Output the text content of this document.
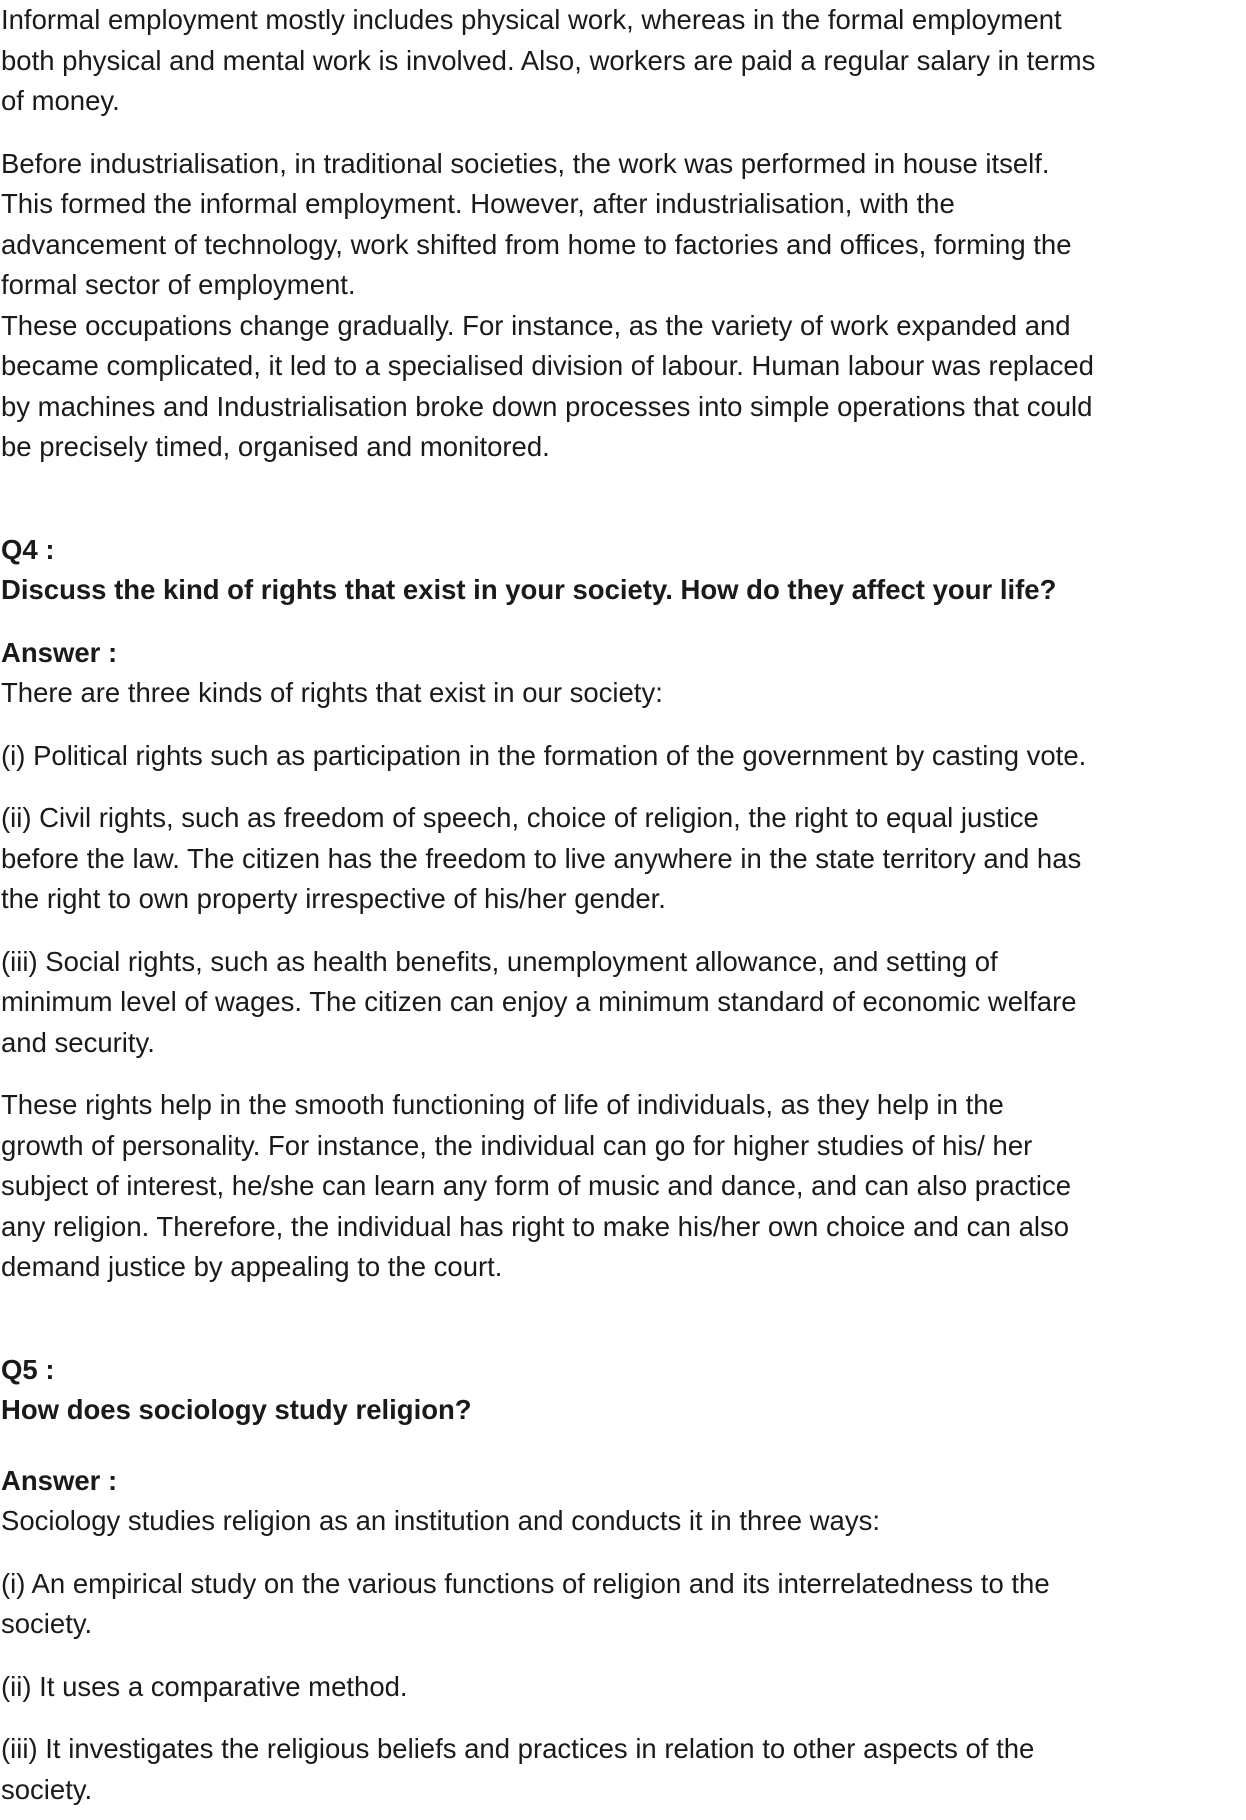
Informal employment mostly includes physical work, whereas in the formal employment
both physical and mental work is involved. Also, workers are paid a regular salary in terms
of money.

Before industrialisation, in traditional societies, the work was performed in house itself.
This formed the informal employment. However, after industrialisation, with the
advancement of technology, work shifted from home to factories and offices, forming the
formal sector of employment.

These occupations change gradually. For instance, as the variety of work expanded and
became complicated, it led to a specialised division of labour. Human labour was replaced
by machines and Industrialisation broke down processes into simple operations that could
be precisely timed, organised and monitored.

Q4 :
Discuss the kind of rights that exist in your society. How do they affect your life?
Answer :

There are three kinds of rights that exist in our society:

(i) Political rights such as participation in the formation of the government by casting vote.

(ii) Civil rights, such as freedom of speech, choice of religion, the right to equal justice
before the law. The citizen has the freedom to live anywhere in the state territory and has
the right to own property irrespective of his/her gender.

(iii) Social rights, such as health benefits, unemployment allowance, and setting of
minimum level of wages. The citizen can enjoy a minimum standard of economic welfare
and security.

These rights help in the smooth functioning of life of individuals, as they help in the
growth of personality. For instance, the individual can go for higher studies of his/ her
subject of interest, he/she can learn any form of music and dance, and can also practice
any religion. Therefore, the individual has right to make his/her own choice and can also
demand justice by appealing to the court.

Q5 :
How does sociology study religion?
Answer :

Sociology studies religion as an institution and conducts it in three ways:

(i) An empirical study on the various functions of religion and its interrelatedness to the
society.

(ii) It uses a comparative method.

(iii) It investigates the religious beliefs and practices in relation to other aspects of the
society.
